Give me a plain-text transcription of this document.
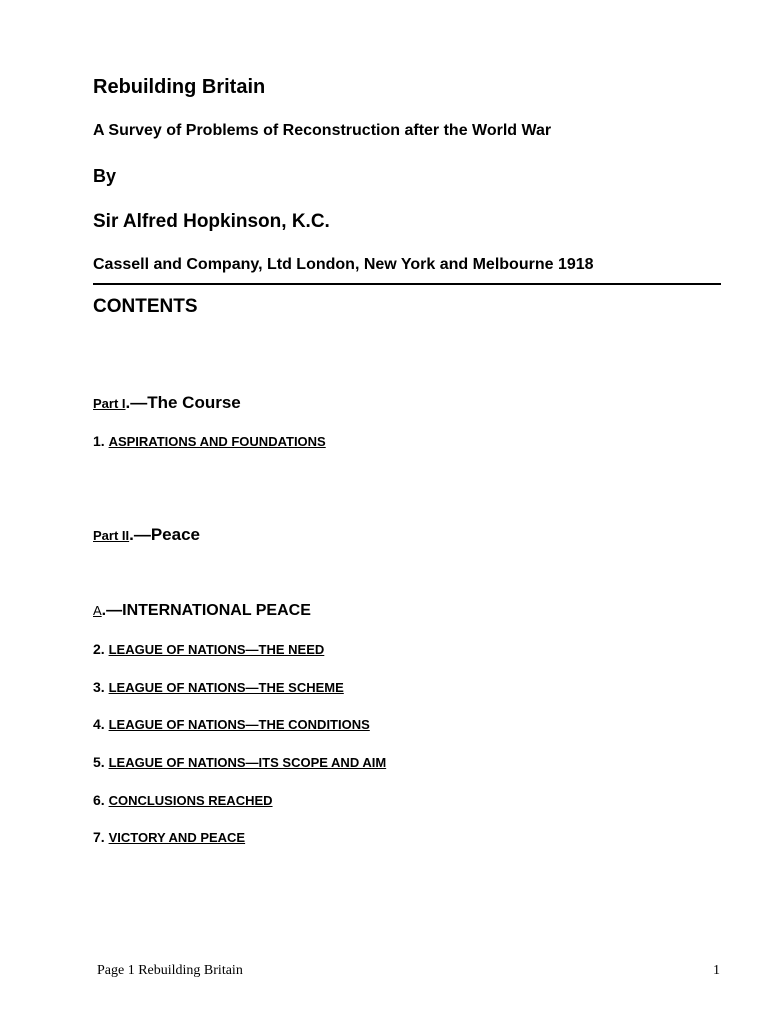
Rebuilding Britain
A Survey of Problems of Reconstruction after the World War
By
Sir Alfred Hopkinson, K.C.
Cassell and Company, Ltd London, New York and Melbourne 1918
CONTENTS
Part I.—The Course
1. ASPIRATIONS AND FOUNDATIONS
Part II.—Peace
A.—INTERNATIONAL PEACE
2. LEAGUE OF NATIONS—THE NEED
3. LEAGUE OF NATIONS—THE SCHEME
4. LEAGUE OF NATIONS—THE CONDITIONS
5. LEAGUE OF NATIONS—ITS SCOPE AND AIM
6. CONCLUSIONS REACHED
7. VICTORY AND PEACE
Page 1 Rebuilding Britain	1
